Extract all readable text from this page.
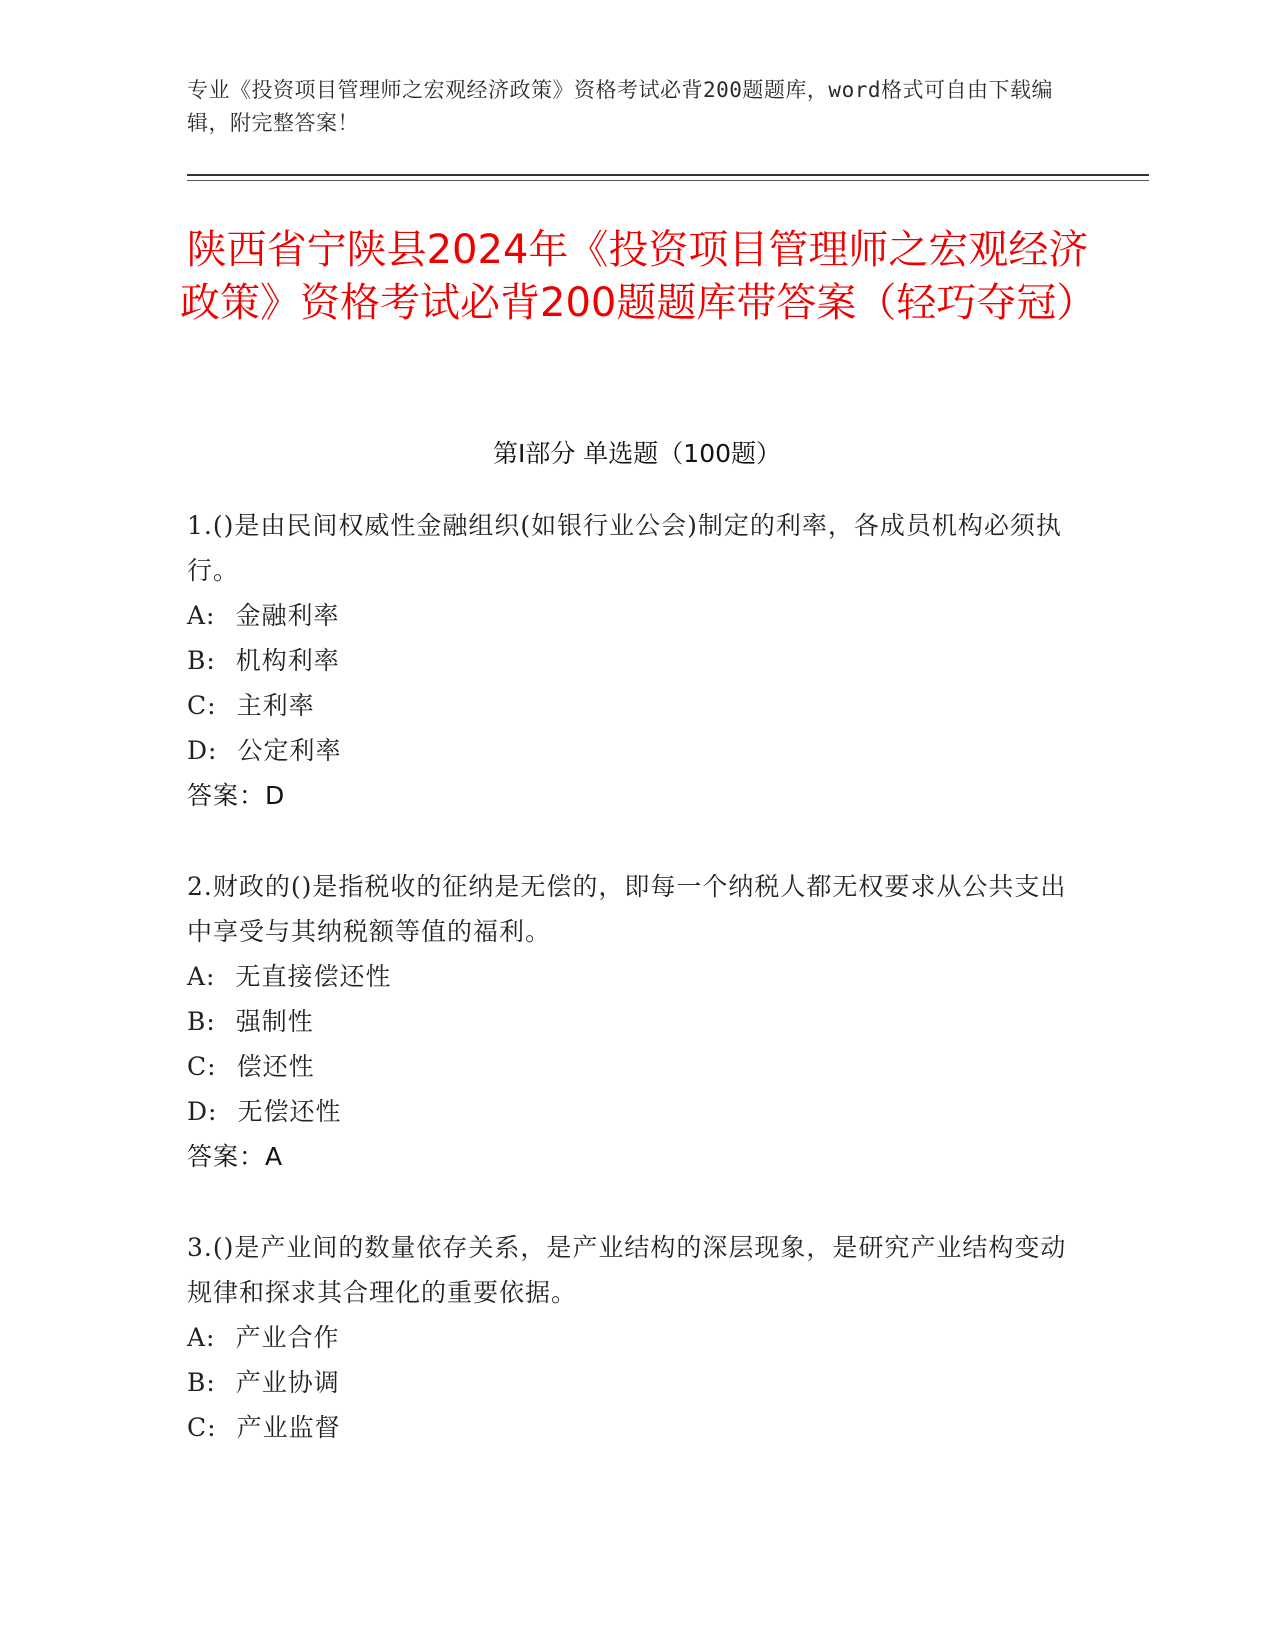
专业《投资项目管理师之宏观经济政策》资格考试必背200题题库，word格式可自由下载编辑，附完整答案！
陕西省宁陕县2024年《投资项目管理师之宏观经济政策》资格考试必背200题题库带答案（轻巧夺冠）
第I部分 单选题（100题）

1.()是由民间权威性金融组织(如银行业公会)制定的利率，各成员机构必须执行。

A: 金融利率

B: 机构利率

C: 主利率

D: 公定利率

答案：D

2.财政的()是指税收的征纳是无偿的，即每一个纳税人都无权要求从公共支出中享受与其纳税额等值的福利。

A: 无直接偿还性

B: 强制性

C: 偿还性

D: 无偿还性

答案：A

3.()是产业间的数量依存关系，是产业结构的深层现象，是研究产业结构变动规律和探求其合理化的重要依据。

A: 产业合作

B: 产业协调

C: 产业监督
